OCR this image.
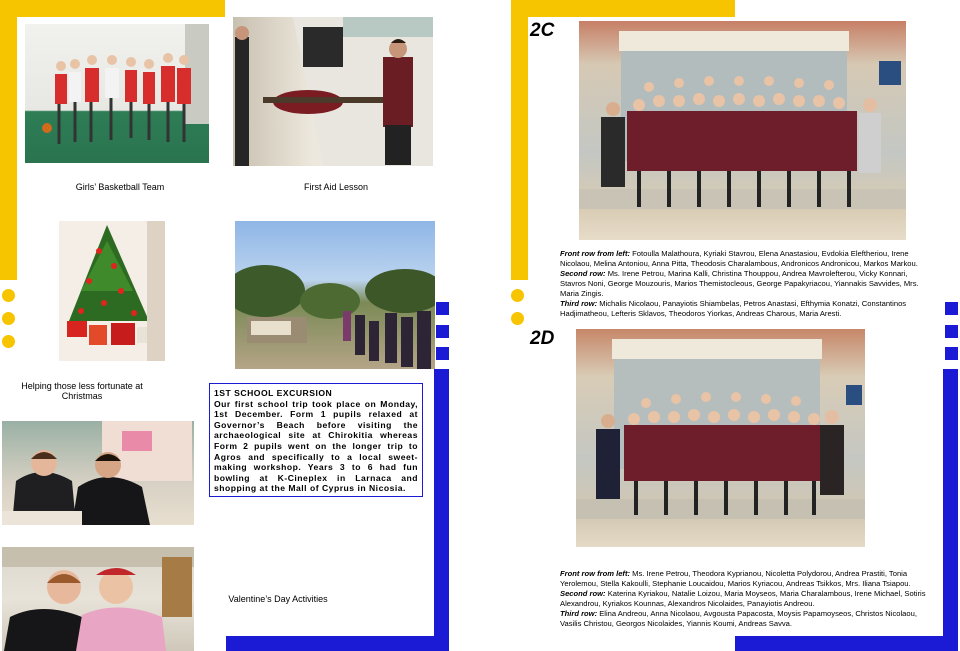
Girls’ Basketball Team	First Aid Lesson
Helping those less fortunate at Christmas	1ST SCHOOL EXCURSION
Our first school trip took place on Monday, 1st December. Form 1 pupils relaxed at Governor’s Beach before visiting the archaeological site at Chirokitia whereas Form 2 pupils went on the longer trip to Agros and specifically to a local sweet-making workshop. Years 3 to 6 had fun bowling at K-Cineplex in Larnaca and shopping at the Mall of Cyprus in Nicosia.
Valentine’s Day Activities
2C
Front row from left: Fotoulla Malathoura, Kyriaki Stavrou, Elena Anastasiou, Evdokia Eleftheriou, Irene Nicolaou, Melina Antoniou, Anna Pitta, Theodosis Charalambous, Andronicos Andronicou, Markos Markou.
Second row: Ms. Irene Petrou, Marina Kalli, Christina Thouppou, Andrea Mavrolefterou, Vicky Konnari, Stavros Noni, George Mouzouris, Marios Themistocleous, George Papakyriacou, Yiannakis Savvides, Mrs. Maria Zingis.
Third row: Michalis Nicolaou, Panayiotis Shiambelas, Petros Anastasi, Efthymia Konatzi, Constantinos Hadjimatheou, Lefteris Sklavos, Theodoros Yiorkas, Andreas Charous, Maria Aresti.
2D
Front row from left: Ms. Irene Petrou, Theodora Kyprianou, Nicoletta Polydorou, Andrea Prastiti, Tonia Yerolemou, Stella Kakoulli, Stephanie Loucaidou, Marios Kyriacou, Andreas Tsikkos, Mrs. Iliana Tsiapou.
Second row: Katerina Kyriakou, Natalie Loizou, Maria Moyseos, Maria Charalambous, Irene Michael, Sotiris Alexandrou, Kyriakos Kounnas, Alexandros Nicolaides, Panayiotis Andreou.
Third row: Elina Andreou, Anna Nicolaou, Avgousta Papacosta, Moysis Papamoyseos, Christos Nicolaou, Vasilis Christou, Georgos Nicolaides, Yiannis Koumi, Andreas Savva.
